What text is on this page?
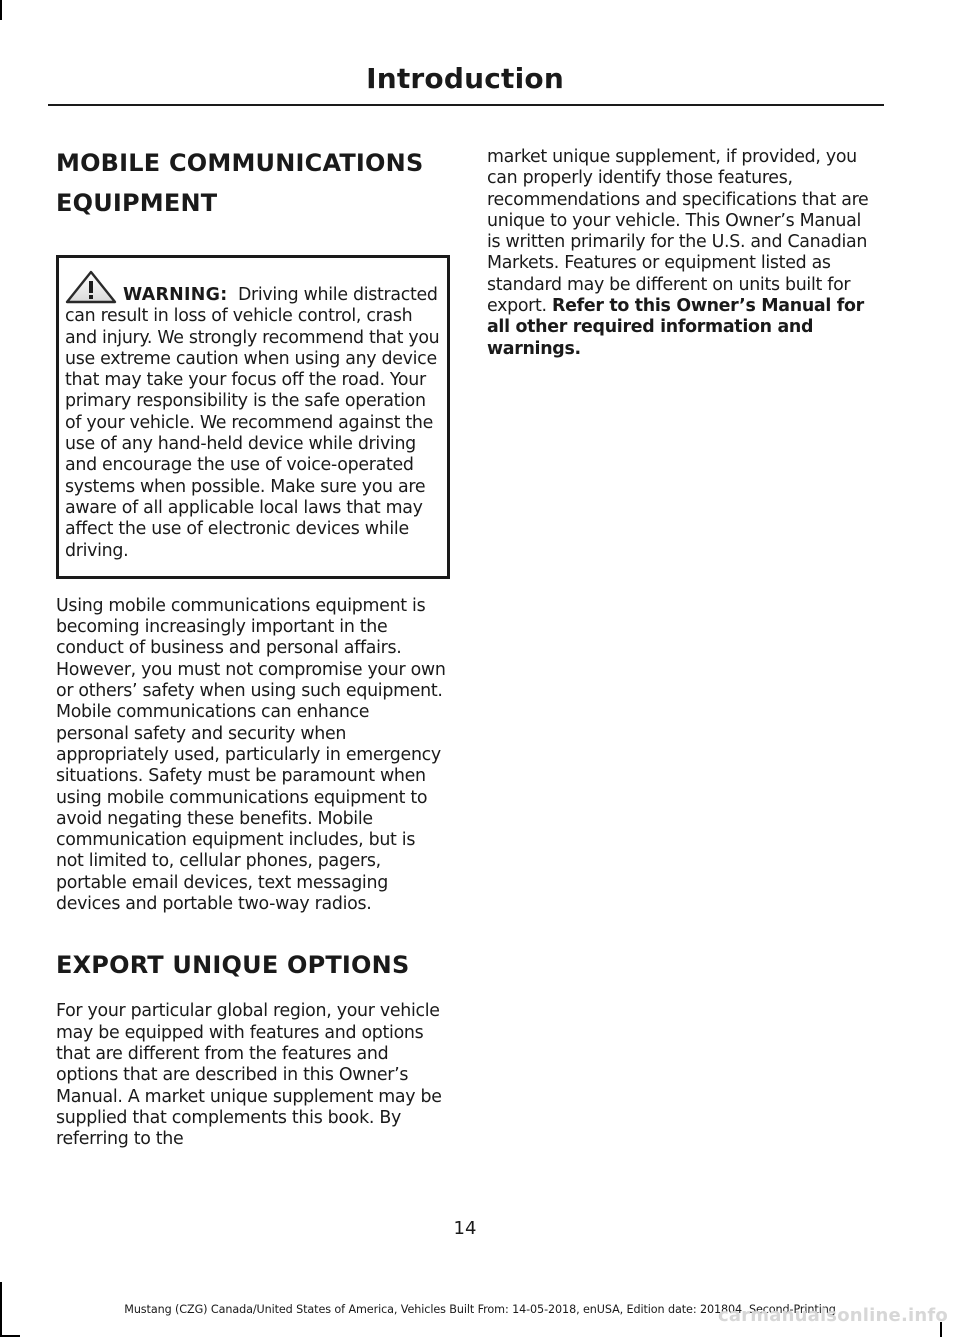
Introduction
MOBILE COMMUNICATIONS
EQUIPMENT

WARNING: Driving while distracted can result in loss of vehicle control, crash and injury. We strongly recommend that you use extreme caution when using any device that may take your focus off the road. Your primary responsibility is the safe operation of your vehicle. We recommend against the use of any hand-held device while driving and encourage the use of voice-operated systems when possible. Make sure you are aware of all applicable local laws that may affect the use of electronic devices while driving.

Using mobile communications equipment is becoming increasingly important in the conduct of business and personal affairs. However, you must not compromise your own or others’ safety when using such equipment. Mobile communications can enhance personal safety and security when appropriately used, particularly in emergency situations. Safety must be paramount when using mobile communications equipment to avoid negating these benefits. Mobile communication equipment includes, but is not limited to, cellular phones, pagers, portable email devices, text messaging devices and portable two-way radios.

EXPORT UNIQUE OPTIONS

For your particular global region, your vehicle may be equipped with features and options that are different from the features and options that are described in this Owner’s Manual. A market unique supplement may be supplied that complements this book. By referring to the

market unique supplement, if provided, you can properly identify those features, recommendations and specifications that are unique to your vehicle. This Owner’s Manual is written primarily for the U.S. and Canadian Markets. Features or equipment listed as standard may be different on units built for export. Refer to this Owner’s Manual for all other required information and warnings.

14
Mustang (CZG) Canada/United States of America, Vehicles Built From: 14-05-2018, enUSA, Edition date: 201804, Second-Printing
carmanualsonline.info
